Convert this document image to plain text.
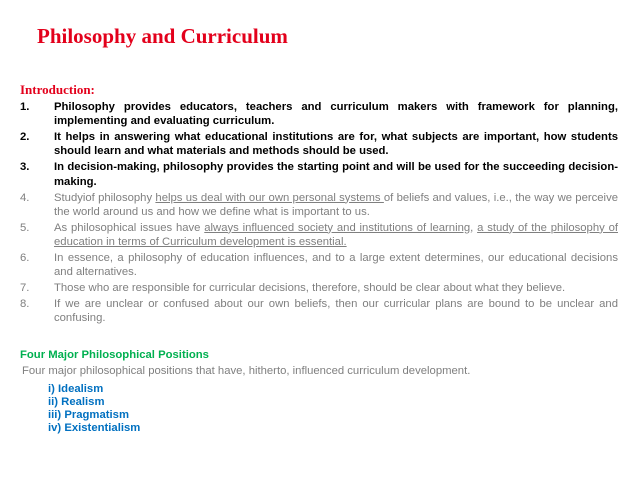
Philosophy and Curriculum
Introduction:
1. Philosophy provides educators, teachers and curriculum makers with framework for planning, implementing and evaluating curriculum.
2. It helps in answering what educational institutions are for, what subjects are important, how students should learn and what materials and methods should be used.
3. In decision-making, philosophy provides the starting point and will be used for the succeeding decision-making.
4. Studyiof philosophy helps us deal with our own personal systems of beliefs and values, i.e., the way we perceive the world around us and how we define what is important to us.
5. As philosophical issues have always influenced society and institutions of learning, a study of the philosophy of education in terms of Curriculum development is essential.
6. In essence, a philosophy of education influences, and to a large extent determines, our educational decisions and alternatives.
7. Those who are responsible for curricular decisions, therefore, should be clear about what they believe.
8. If we are unclear or confused about our own beliefs, then our curricular plans are bound to be unclear and confusing.
Four Major Philosophical Positions
Four major philosophical positions that have, hitherto, influenced curriculum development.
i) Idealism
ii) Realism
iii) Pragmatism
iv) Existentialism
